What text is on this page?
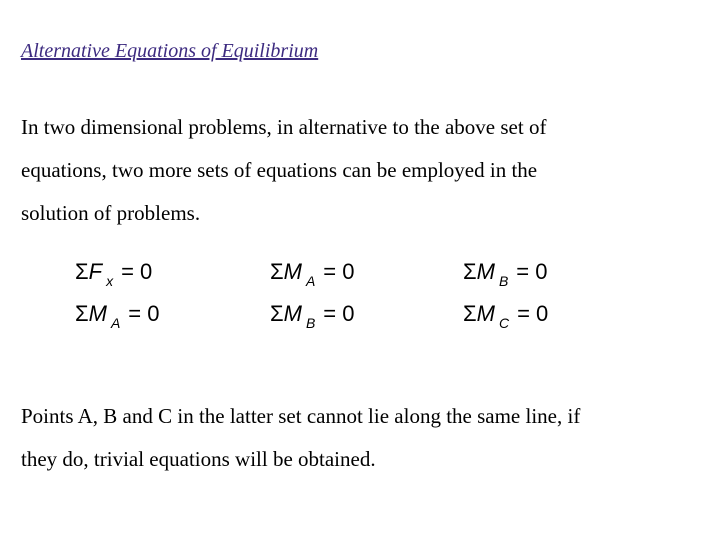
Alternative Equations of Equilibrium
In two dimensional problems, in alternative to the above set of
equations, two more sets of equations can be employed in the
solution of problems.
ΣF $_x$ = 0	ΣM $_A$ = 0	ΣM $_B$ = 0
ΣM $_A$ = 0	ΣM $_B$ = 0	ΣM $_C$ = 0
Points A, B and C in the latter set cannot lie along the same line, if
they do, trivial equations will be obtained.
